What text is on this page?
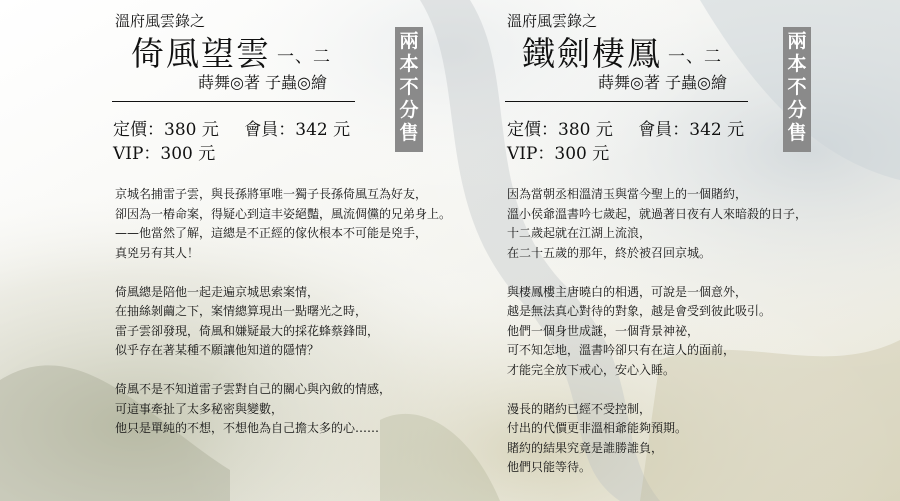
溫府風雲錄之
倚風望雲 一、二
蒔舞◎著 子蟲◎繪
定價：380 元 會員：342 元
VIP：300 元
兩本不分售
京城名捕雷子雲，與長孫將軍唯一獨子長孫倚風互為好友，
卻因為一樁命案，得疑心到這丰姿絕豔，風流倜儻的兄弟身上。
——他當然了解，這總是不正經的傢伙根本不可能是兇手，
真兇另有其人！
倚風總是陪他一起走遍京城思索案情，
在抽絲剝繭之下，案情總算現出一點曙光之時，
雷子雲卻發現，倚風和嫌疑最大的採花蜂蔡鋒間，
似乎存在著某種不願讓他知道的隱情？
倚風不是不知道雷子雲對自己的關心與內斂的情感，
可這事牽扯了太多秘密與變數，
他只是單純的不想，不想他為自己擔太多的心……
溫府風雲錄之
鐵劍棲鳳 一、二
蒔舞◎著 子蟲◎繪
定價：380 元 會員：342 元
VIP：300 元
兩本不分售
因為當朝丞相溫清玉與當今聖上的一個賭約，
溫小侯爺溫書吟七歲起，就過著日夜有人來暗殺的日子，
十二歲起就在江湖上流浪，
在二十五歲的那年，終於被召回京城。
與棲鳳樓主唐曉白的相遇，可說是一個意外，
越是無法真心對待的對象，越是會受到彼此吸引。
他們一個身世成謎，一個背景神祕，
可不知怎地，溫書吟卻只有在這人的面前，
才能完全放下戒心，安心入睡。
漫長的賭約已經不受控制，
付出的代價更非溫相爺能夠預期。
賭約的結果究竟是誰勝誰負，
他們只能等待。
